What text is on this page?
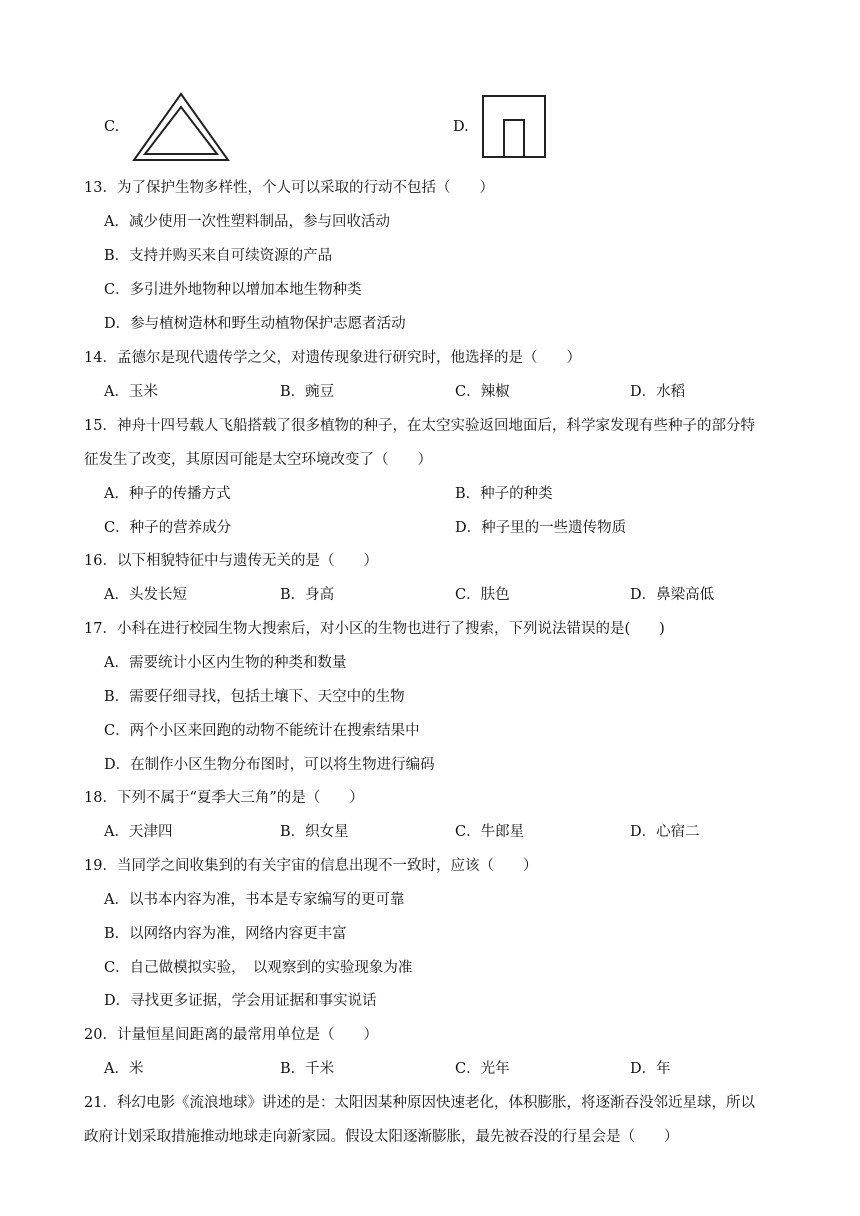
C.	D.
13．为了保护生物多样性，个人可以采取的行动不包括（　　）
A．减少使用一次性塑料制品，参与回收活动
B．支持并购买来自可续资源的产品
C．多引进外地物种以增加本地生物种类
D．参与植树造林和野生动植物保护志愿者活动
14．孟德尔是现代遗传学之父，对遗传现象进行研究时，他选择的是（　　）
A．玉米	B．豌豆	C．辣椒	D．水稻
15．神舟十四号载人飞船搭载了很多植物的种子，在太空实验返回地面后，科学家发现有些种子的部分特
征发生了改变，其原因可能是太空环境改变了（　　）
A．种子的传播方式	B．种子的种类
C．种子的营养成分	D．种子里的一些遗传物质
16．以下相貌特征中与遗传无关的是（　　）
A．头发长短	B．身高	C．肤色	D．鼻梁高低
17．小科在进行校园生物大搜索后，对小区的生物也进行了搜索，下列说法错误的是(　　)
A．需要统计小区内生物的种类和数量
B．需要仔细寻找，包括土壤下、天空中的生物
C．两个小区来回跑的动物不能统计在搜索结果中
D．在制作小区生物分布图时，可以将生物进行编码
18．下列不属于“夏季大三角”的是（　　）
A．天津四	B．织女星	C．牛郎星	D．心宿二
19．当同学之间收集到的有关宇宙的信息出现不一致时，应该（　　）
A．以书本内容为准，书本是专家编写的更可靠
B．以网络内容为准，网络内容更丰富
C．自己做模拟实验，　以观察到的实验现象为准
D．寻找更多证据，学会用证据和事实说话
20．计量恒星间距离的最常用单位是（　　）
A．米	B．千米	C．光年	D．年
21．科幻电影《流浪地球》讲述的是：太阳因某种原因快速老化，体积膨胀，将逐渐吞没邻近星球，所以
政府计划采取措施推动地球走向新家园。假设太阳逐渐膨胀，最先被吞没的行星会是（　　）
